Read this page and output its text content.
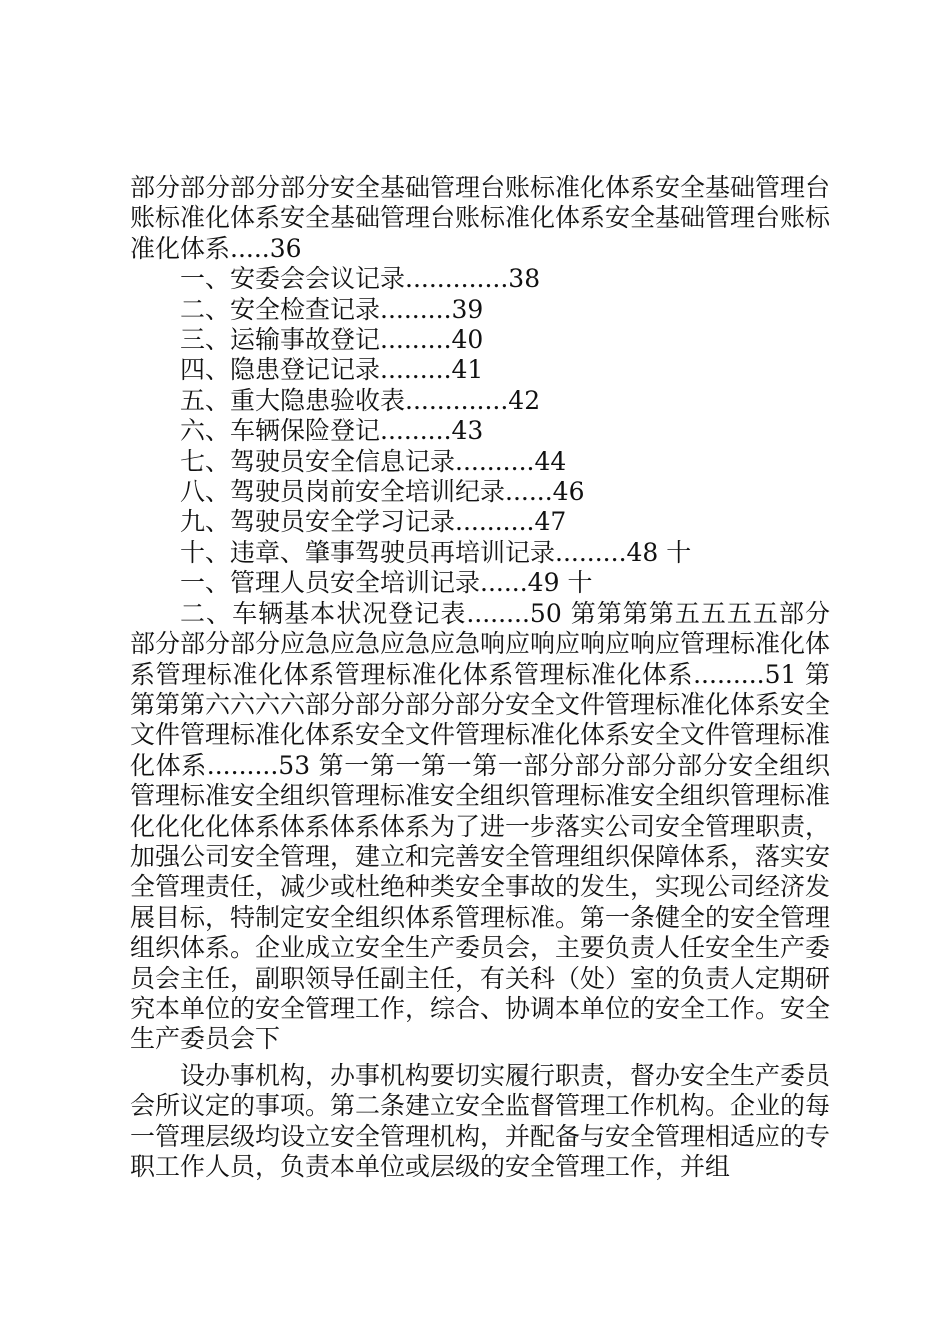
部分部分部分部分安全基础管理台账标准化体系安全基础管理台账标准化体系安全基础管理台账标准化体系安全基础管理台账标准化体系.....36

一、安委会会议记录.............38

二、安全检查记录.........39

三、运输事故登记.........40

四、隐患登记记录.........41

五、重大隐患验收表.............42

六、车辆保险登记.........43

七、驾驶员安全信息记录..........44

八、驾驶员岗前安全培训纪录......46

九、驾驶员安全学习记录..........47

十、违章、肇事驾驶员再培训记录.........48 十

一、管理人员安全培训记录......49 十

二、车辆基本状况登记表........50 第第第第五五五五部分部分部分部分应急应急应急应急响应响应响应响应管理标准化体系管理标准化体系管理标准化体系管理标准化体系.........51 第第第第六六六六部分部分部分部分安全文件管理标准化体系安全文件管理标准化体系安全文件管理标准化体系安全文件管理标准化体系.........53 第一第一第一第一部分部分部分部分安全组织管理标准安全组织管理标准安全组织管理标准安全组织管理标准化化化化体系体系体系体系为了进一步落实公司安全管理职责，加强公司安全管理，建立和完善安全管理组织保障体系，落实安全管理责任，减少或杜绝种类安全事故的发生，实现公司经济发展目标，特制定安全组织体系管理标准。第一条健全的安全管理组织体系。企业成立安全生产委员会，主要负责人任安全生产委员会主任，副职领导任副主任，有关科（处）室的负责人定期研究本单位的安全管理工作，综合、协调本单位的安全工作。安全生产委员会下

设办事机构，办事机构要切实履行职责，督办安全生产委员会所议定的事项。第二条建立安全监督管理工作机构。企业的每一管理层级均设立安全管理机构，并配备与安全管理相适应的专职工作人员，负责本单位或层级的安全管理工作，并组
